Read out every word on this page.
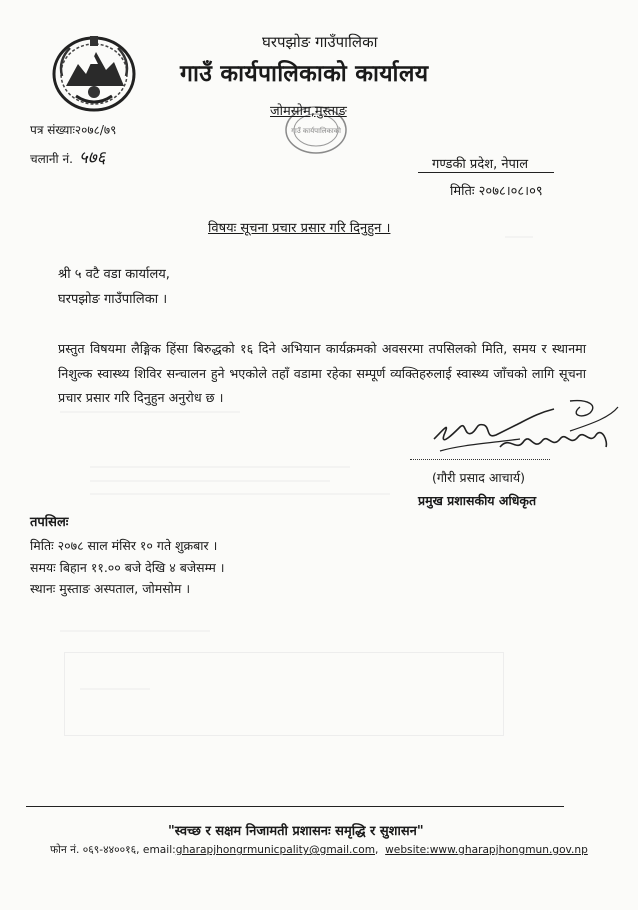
घरपझोङ गाउँपालिका
गाउँ कार्यपालिकाको कार्यालय
गाउँ कार्यपालिकाको
जोमसोम,मुस्ताङ
पत्र संख्याः२०७८/७९
चलानी नं. ५७६	गण्डकी प्रदेश, नेपाल
मितिः २०७८।०८।०९
विषयः सूचना प्रचार प्रसार गरि दिनुहुन ।
श्री ५ वटै वडा कार्यालय,
घरपझोङ गाउँपालिका ।
प्रस्तुत विषयमा लैङ्गिक हिंसा बिरुद्धको १६ दिने अभियान कार्यक्रमको अवसरमा तपसिलको मिति, समय र स्थानमा निशुल्क स्वास्थ्य शिविर सन्चालन हुने भएकोले तहाँ वडामा रहेका सम्पूर्ण व्यक्तिहरुलाई स्वास्थ्य जाँचको लागि सूचना प्रचार प्रसार गरि दिनुहुन अनुरोध छ ।
(गौरी प्रसाद आचार्य)
प्रमुख प्रशासकीय अधिकृत
तपसिलः
मितिः २०७८ साल मंसिर १० गते शुक्रबार ।
समयः बिहान ११.०० बजे देखि ४ बजेसम्म ।
स्थानः मुस्ताङ अस्पताल, जोमसोम ।
"स्वच्छ र सक्षम निजामती प्रशासनः समृद्धि र सुशासन"
फोन नं. ०६९-४४००१६, email:gharapjhongrmunicpality@gmail.com,  website:www.gharapjhongmun.gov.np
